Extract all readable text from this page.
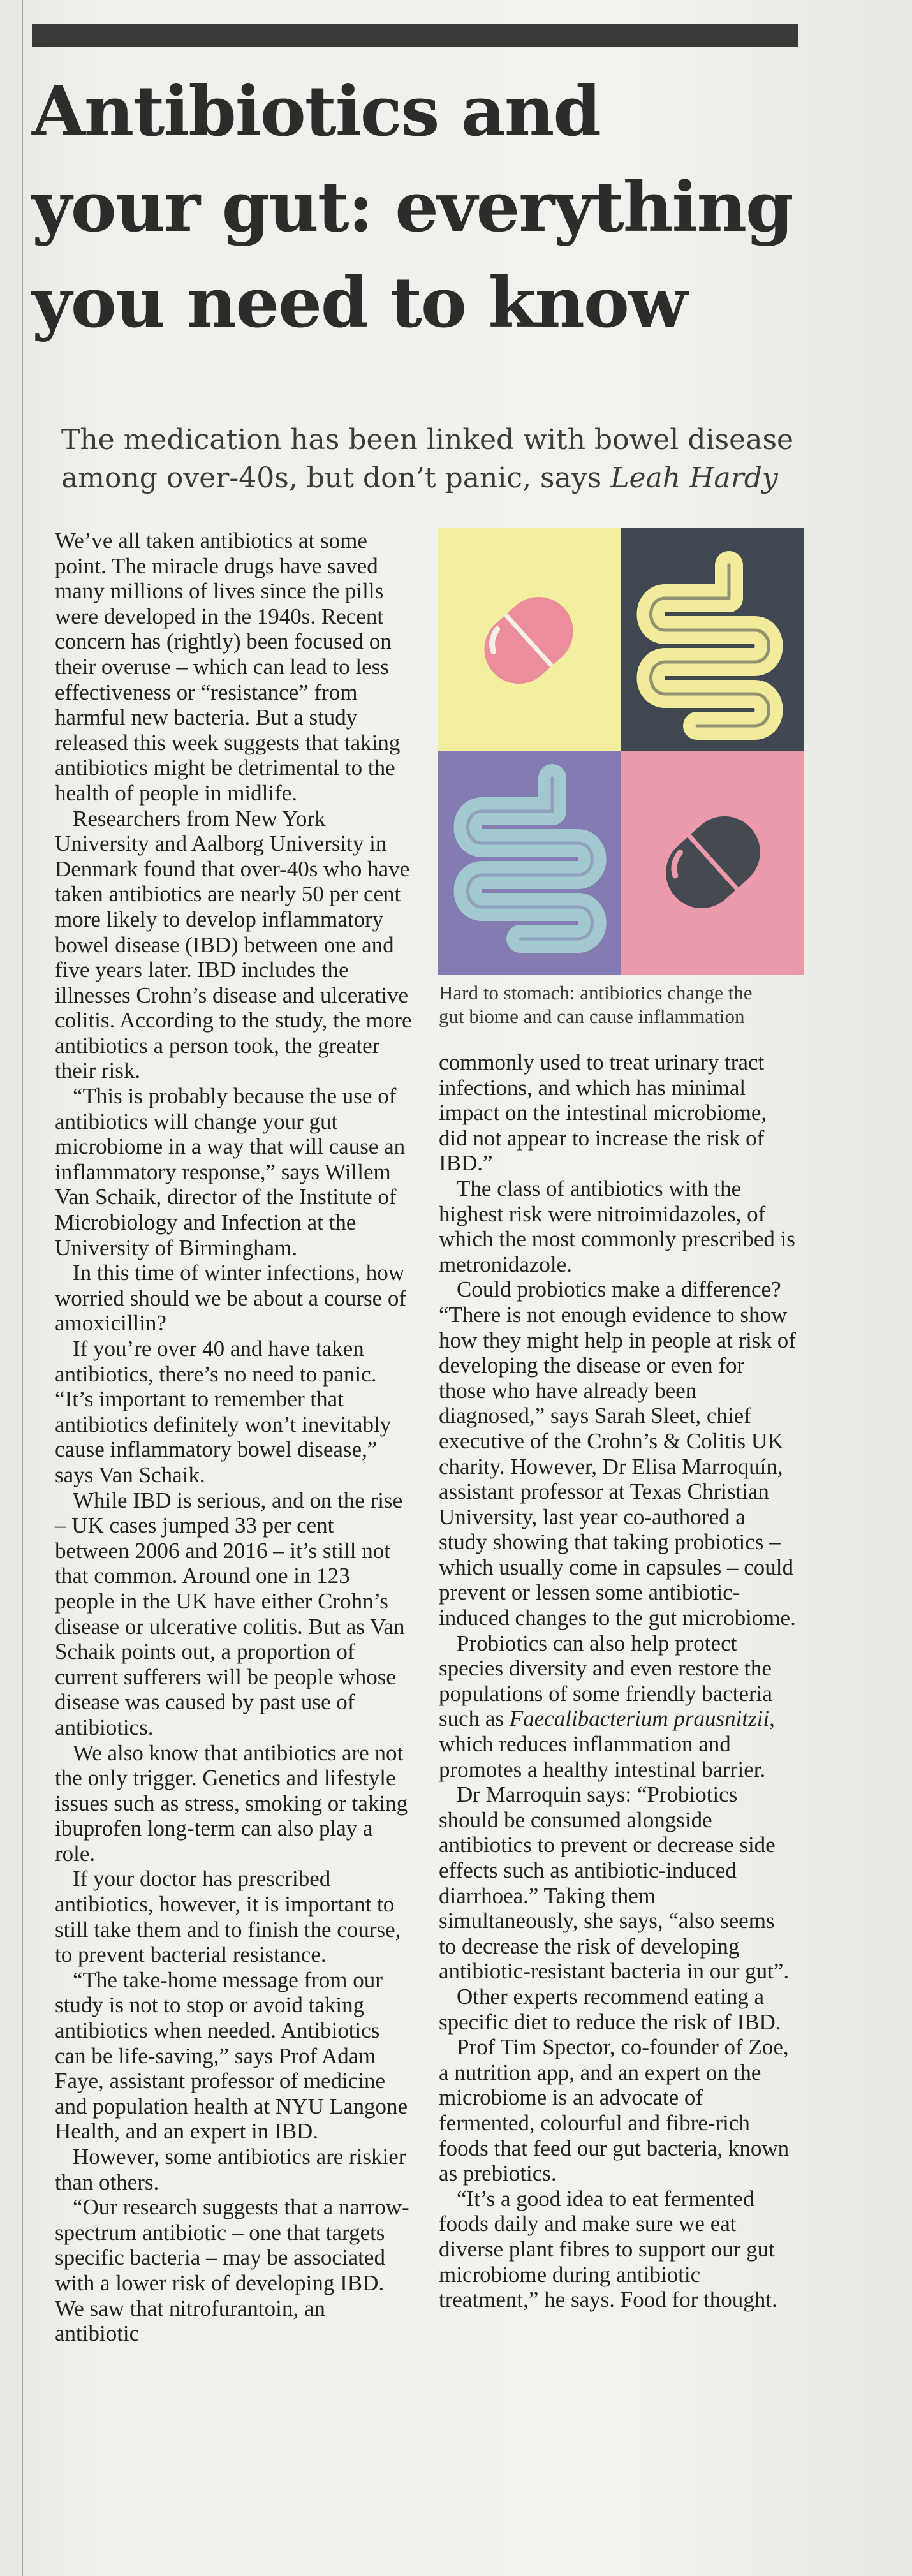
Antibiotics and
your gut: everything
you need to know
The medication has been linked with bowel disease
among over-40s, but don’t panic, says Leah Hardy

We’ve all taken antibiotics at some point. The miracle drugs have saved many millions of lives since the pills were developed in the 1940s. Recent concern has (rightly) been focused on their overuse – which can lead to less effectiveness or “resistance” from harmful new bacteria. But a study released this week suggests that taking antibiotics might be detrimental to the health of people in midlife.

Researchers from New York University and Aalborg University in Denmark found that over-40s who have taken antibiotics are nearly 50 per cent more likely to develop inflammatory bowel disease (IBD) between one and five years later. IBD includes the illnesses Crohn’s disease and ulcerative colitis. According to the study, the more antibiotics a person took, the greater their risk.

“This is probably because the use of antibiotics will change your gut microbiome in a way that will cause an inflammatory response,” says Willem Van Schaik, director of the Institute of Microbiology and Infection at the University of Birmingham.

In this time of winter infections, how worried should we be about a course of amoxicillin?

If you’re over 40 and have taken antibiotics, there’s no need to panic. “It’s important to remember that antibiotics definitely won’t inevitably cause inflammatory bowel disease,” says Van Schaik.

While IBD is serious, and on the rise – UK cases jumped 33 per cent between 2006 and 2016 – it’s still not that common. Around one in 123 people in the UK have either Crohn’s disease or ulcerative colitis. But as Van Schaik points out, a proportion of current sufferers will be people whose disease was caused by past use of antibiotics.

We also know that antibiotics are not the only trigger. Genetics and lifestyle issues such as stress, smoking or taking ibuprofen long-term can also play a role.

If your doctor has prescribed antibiotics, however, it is important to still take them and to finish the course, to prevent bacterial resistance.

“The take-home message from our study is not to stop or avoid taking antibiotics when needed. Antibiotics can be life-saving,” says Prof Adam Faye, assistant professor of medicine and population health at NYU Langone Health, and an expert in IBD.

However, some antibiotics are riskier than others.

“Our research suggests that a narrow-spectrum antibiotic – one that targets specific bacteria – may be associated with a lower risk of developing IBD. We saw that nitrofurantoin, an antibiotic

Hard to stomach: antibiotics change the
gut biome and can cause inflammation

commonly used to treat urinary tract infections, and which has minimal impact on the intestinal microbiome, did not appear to increase the risk of IBD.”

The class of antibiotics with the highest risk were nitroimidazoles, of which the most commonly prescribed is metronidazole.

Could probiotics make a difference? “There is not enough evidence to show how they might help in people at risk of developing the disease or even for those who have already been diagnosed,” says Sarah Sleet, chief executive of the Crohn’s & Colitis UK charity. However, Dr Elisa Marroquín, assistant professor at Texas Christian University, last year co-authored a study showing that taking probiotics – which usually come in capsules – could prevent or lessen some antibiotic-induced changes to the gut microbiome.

Probiotics can also help protect species diversity and even restore the populations of some friendly bacteria such as Faecalibacterium prausnitzii, which reduces inflammation and promotes a healthy intestinal barrier.

Dr Marroquin says: “Probiotics should be consumed alongside antibiotics to prevent or decrease side effects such as antibiotic-induced diarrhoea.” Taking them simultaneously, she says, “also seems to decrease the risk of developing antibiotic-resistant bacteria in our gut”.

Other experts recommend eating a specific diet to reduce the risk of IBD.

Prof Tim Spector, co-founder of Zoe, a nutrition app, and an expert on the microbiome is an advocate of fermented, colourful and fibre-rich foods that feed our gut bacteria, known as prebiotics.

“It’s a good idea to eat fermented foods daily and make sure we eat diverse plant fibres to support our gut microbiome during antibiotic treatment,” he says. Food for thought.
